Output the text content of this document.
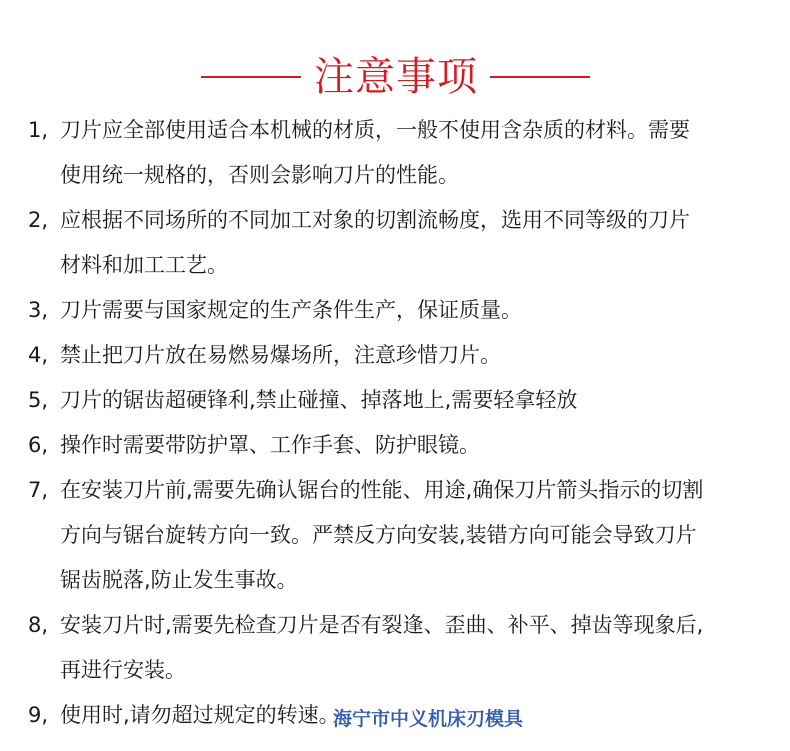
注意事项
1, 刀片应全部使用适合本机械的材质，一般不使用含杂质的材料。需要
使用统一规格的，否则会影响刀片的性能。
2, 应根据不同场所的不同加工对象的切割流畅度，选用不同等级的刀片
材料和加工工艺。
3, 刀片需要与国家规定的生产条件生产，保证质量。
4, 禁止把刀片放在易燃易爆场所，注意珍惜刀片。
5, 刀片的锯齿超硬锋利,禁止碰撞、掉落地上,需要轻拿轻放
6, 操作时需要带防护罩、工作手套、防护眼镜。
7, 在安装刀片前,需要先确认锯台的性能、用途,确保刀片箭头指示的切割
方向与锯台旋转方向一致。严禁反方向安装,装错方向可能会导致刀片
锯齿脱落,防止发生事故。
8, 安装刀片时,需要先检查刀片是否有裂逢、歪曲、补平、掉齿等现象后,
再进行安装。
9, 使用时,请勿超过规定的转速。
海宁市中义机床刃模具
